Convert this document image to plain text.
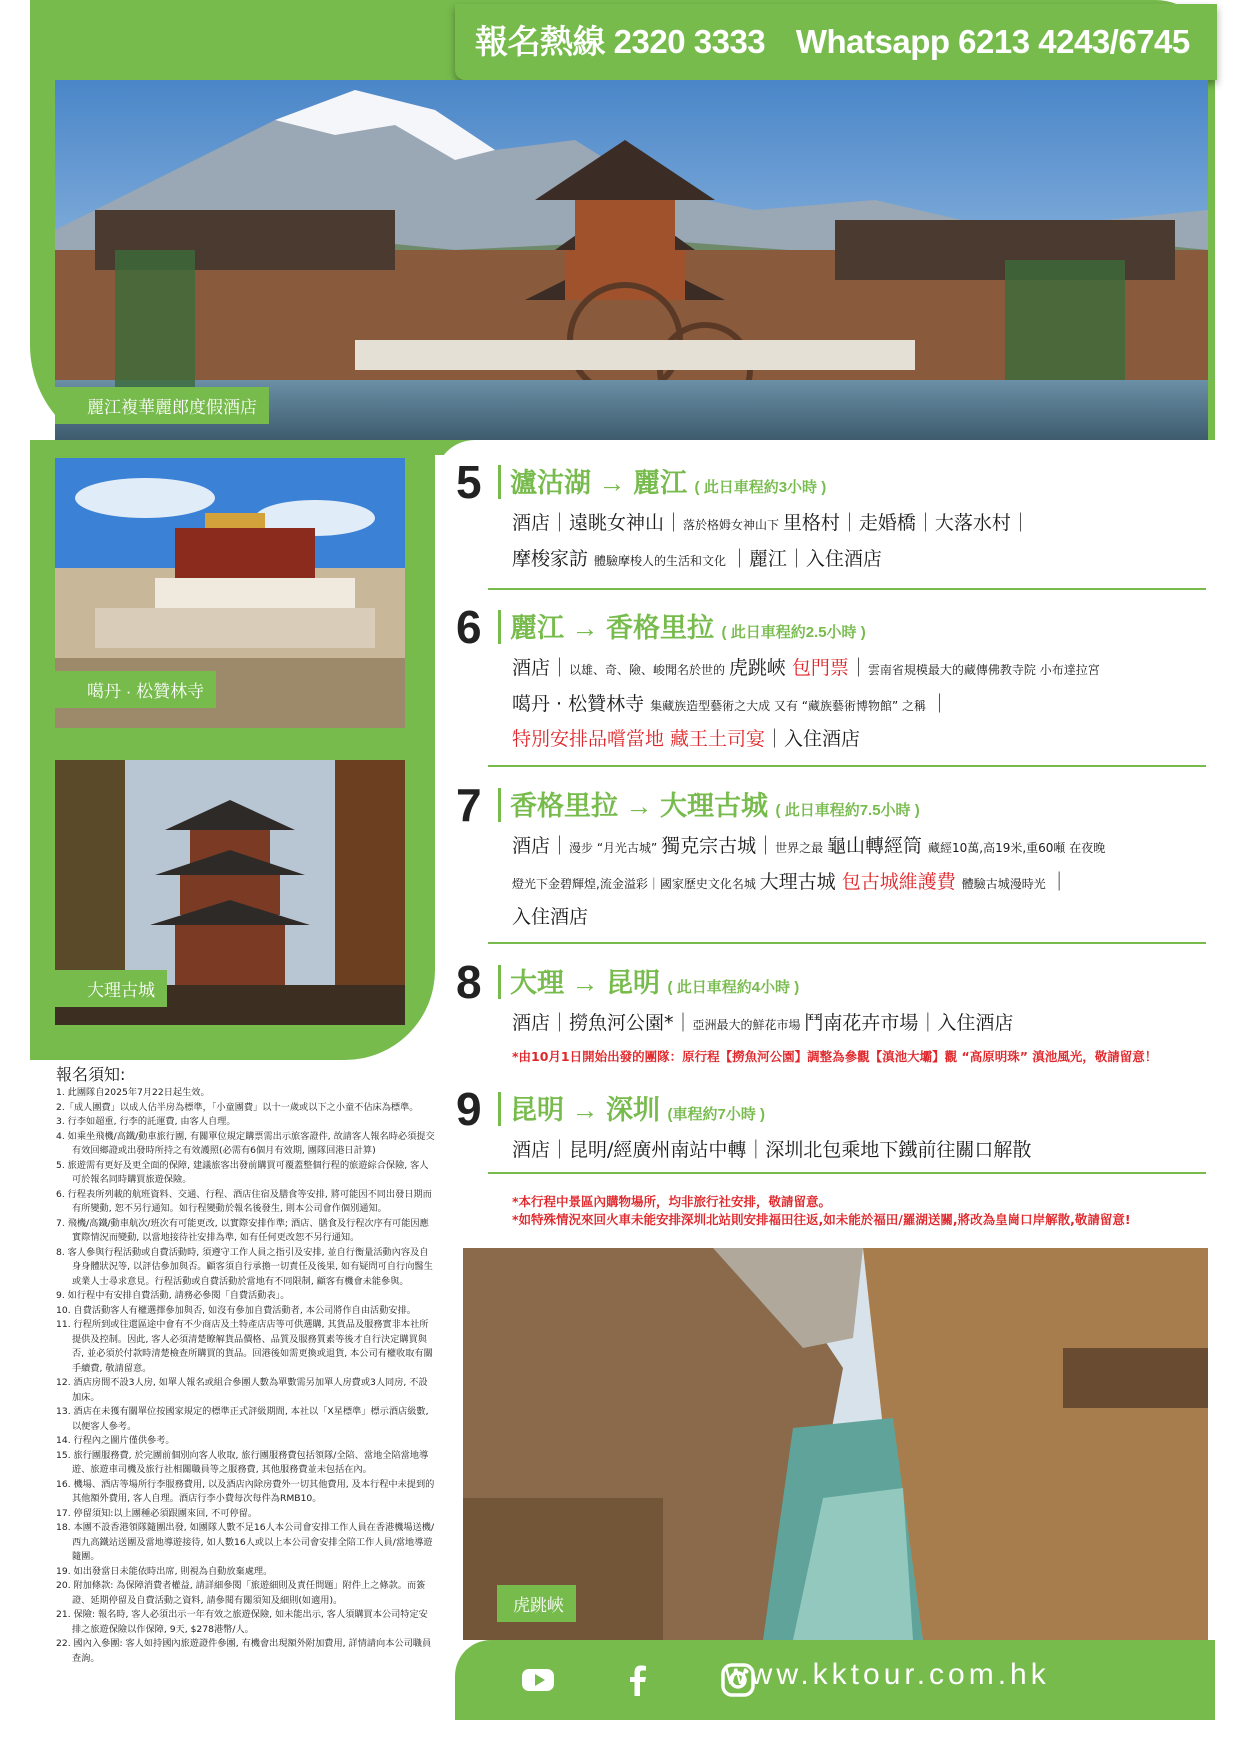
報名熱線 2320 3333 Whatsapp 6213 4243/6745
麗江複華麗郎度假酒店
噶丹 · 松贊林寺
大理古城
5 瀘沽湖 → 麗江 ( 此日車程約3小時 )
酒店｜遠眺女神山｜落於格姆女神山下 里格村｜走婚橋｜大落水村｜
摩梭家訪 體驗摩梭人的生活和文化 ｜麗江｜入住酒店
6 麗江 → 香格里拉 ( 此日車程約2.5小時 )
酒店｜以雄、奇、險、峻聞名於世的 虎跳峽 包門票｜雲南省規模最大的藏傳佛教寺院 小布達拉宮
噶丹 · 松贊林寺 集藏族造型藝術之大成 又有 “藏族藝術博物館” 之稱 ｜
特別安排品嚐當地 藏王土司宴｜入住酒店
7 香格里拉 → 大理古城 ( 此日車程約7.5小時 )
酒店｜漫步 “月光古城” 獨克宗古城｜世界之最 龜山轉經筒 藏經10萬,高19米,重60噸 在夜晚
燈光下金碧輝煌,流金溢彩｜國家歷史文化名城 大理古城 包古城維護費 體驗古城漫時光 ｜
入住酒店
8 大理 → 昆明 ( 此日車程約4小時 )
酒店｜撈魚河公園*｜亞洲最大的鮮花市場 鬥南花卉市場｜入住酒店
*由10月1日開始出發的團隊：原行程【撈魚河公園】調整為參觀【滇池大壩】觀 “高原明珠” 滇池風光，敬請留意！
9 昆明 → 深圳 (車程約7小時 )
酒店｜昆明/經廣州南站中轉｜深圳北包乘地下鐵前往關口解散
*本行程中景區內購物場所，均非旅行社安排，敬請留意。
*如特殊情況來回火車未能安排深圳北站則安排福田往返,如未能於福田/羅湖送關,將改為皇崗口岸解散,敬請留意!
虎跳峽
報名須知:
1. 此團隊自2025年7月22日起生效。
2.「成人團費」以成人佔半房為標準，「小童團費」以十一歲或以下之小童不佔床為標準。
3. 行李如超重, 行李的託運費, 由客人自理。
4. 如乘坐飛機/高鐵/動車旅行團, 有關單位規定購票需出示旅客證件, 故請客人報名時必須提交有效回鄉證或出發時所持之有效護照(必需有6個月有效期, 團隊回港日計算)
5. 旅遊需有更好及更全面的保障, 建議旅客出發前購買可覆蓋整個行程的旅遊綜合保險, 客人可於報名同時購買旅遊保險。
6. 行程表所列載的航班資料、交通、行程、酒店住宿及膳食等安排, 將可能因不同出發日期而有所變動, 恕不另行通知。如行程變動於報名後發生, 則本公司會作個別通知。
7. 飛機/高鐵/動車航次/班次有可能更改, 以實際安排作準; 酒店、膳食及行程次序有可能因應實際情況而變動, 以當地接待社安排為準, 如有任何更改恕不另行通知。
8. 客人參與行程活動或自費活動時, 須遵守工作人員之指引及安排, 並自行衡量活動內容及自身身體狀況等, 以評估參加與否。顧客須自行承擔一切責任及後果, 如有疑問可自行向醫生或業人士尋求意見。行程活動或自費活動於當地有不同限制, 顧客有機會未能參與。
9. 如行程中有安排自費活動, 請務必參閱「自費活動表」。
10. 自費活動客人有權選擇參加與否, 如沒有參加自費活動者, 本公司將作自由活動安排。
11. 行程所到或往還區途中會有不少商店及土特產店店等可供選購, 其貨品及服務實非本社所提供及控制。因此, 客人必須清楚瞭解貨品價格、品質及服務質素等後才自行決定購買與否, 並必須於付款時清楚檢查所購買的貨品。回港後如需更換或退貨, 本公司有權收取有關手續費, 敬請留意。
12. 酒店房間不設3人房, 如單人報名或組合參團人數為單數需另加單人房費或3人同房, 不設加床。
13. 酒店在未獲有關單位按國家規定的標準正式評級期間, 本社以「X星標準」標示酒店級數, 以便客人參考。
14. 行程內之圖片僅供參考。
15. 旅行團服務費, 於完團前個別向客人收取, 旅行團服務費包括領隊/全陪、當地全陪當地導遊、旅遊車司機及旅行社相關職員等之服務費, 其他服務費並未包括在內。
16. 機場、酒店等場所行李服務費用, 以及酒店內除房費外一切其他費用, 及本行程中未提到的其他額外費用, 客人自理。酒店行李小費每次每件為RMB10。
17. 停留須知:以上團種必須跟團來回, 不可停留。
18. 本團不設香港領隊隨團出發, 如團隊人數不足16人本公司會安排工作人員在香港機場送機/西九高鐵站送團及當地導遊接待, 如人數16人或以上本公司會安排全陪工作人員/當地導遊隨團。
19. 如出發當日未能依時出席, 則視為自動放棄處理。
20. 附加條款: 為保障消費者權益, 請詳細參閱「旅遊細則及責任問題」附件上之條款。而簽證、延期停留及自費活動之資料, 請參閱有關須知及細則(如適用)。
21. 保險: 報名時, 客人必須出示一年有效之旅遊保險, 如未能出示, 客人須購買本公司特定安排之旅遊保險以作保障, 9天, $278港幣/人。
22. 國內入參團: 客人如持國內旅遊證件參團, 有機會出現額外附加費用, 詳情請向本公司職員查詢。	www.kktour.com.hk
